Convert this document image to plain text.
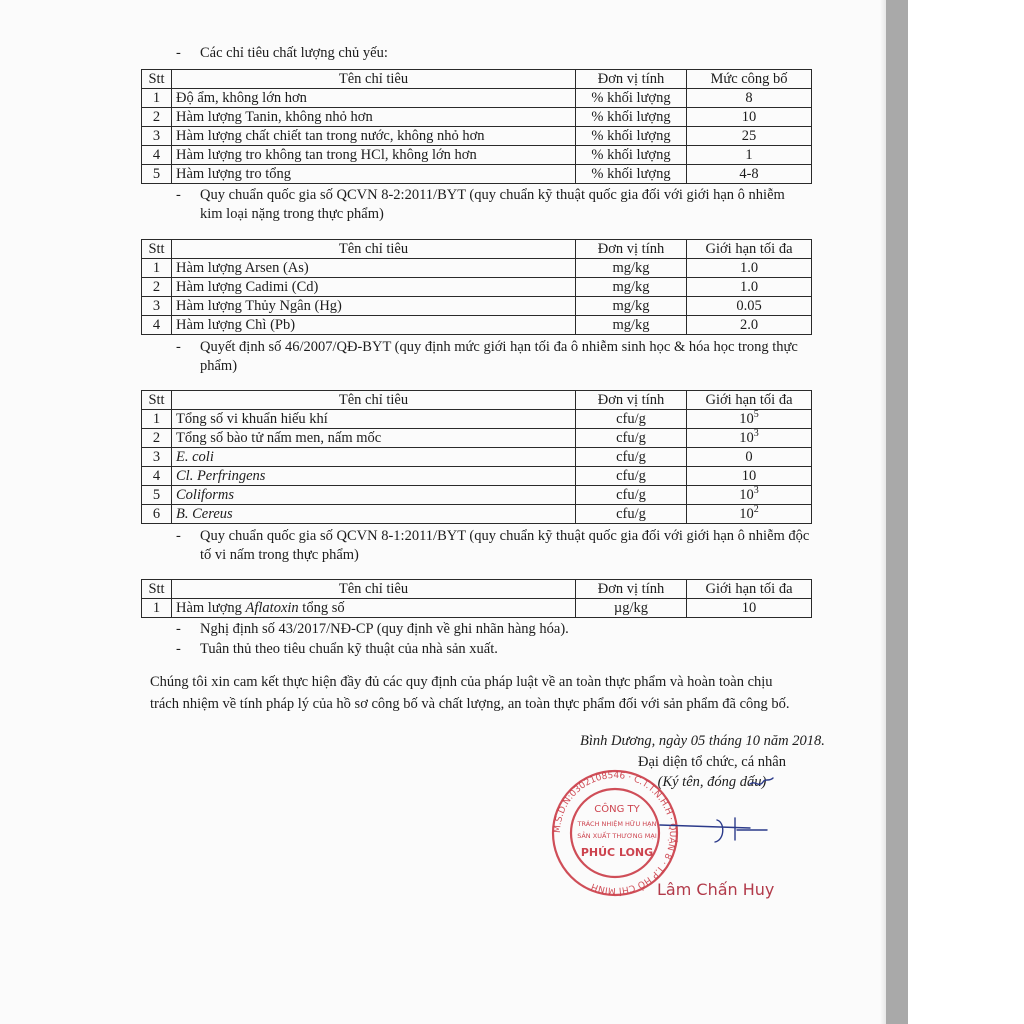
- Các chỉ tiêu chất lượng chủ yếu:
Stt	Tên chỉ tiêu	Đơn vị tính	Mức công bố
1	Độ ẩm, không lớn hơn	% khối lượng	8
2	Hàm lượng Tanin, không nhỏ hơn	% khối lượng	10
3	Hàm lượng chất chiết tan trong nước, không nhỏ hơn	% khối lượng	25
4	Hàm lượng tro không tan trong HCl, không lớn hơn	% khối lượng	1
5	Hàm lượng tro tổng	% khối lượng	4-8
- Quy chuẩn quốc gia số QCVN 8-2:2011/BYT (quy chuẩn kỹ thuật quốc gia đối với giới hạn ô nhiễm
kim loại nặng trong thực phẩm)
Stt	Tên chỉ tiêu	Đơn vị tính	Giới hạn tối đa
1	Hàm lượng Arsen (As)	mg/kg	1.0
2	Hàm lượng Cadimi (Cd)	mg/kg	1.0
3	Hàm lượng Thủy Ngân (Hg)	mg/kg	0.05
4	Hàm lượng Chì (Pb)	mg/kg	2.0
- Quyết định số 46/2007/QĐ-BYT (quy định mức giới hạn tối đa ô nhiễm sinh học & hóa học trong thực
phẩm)
Stt	Tên chỉ tiêu	Đơn vị tính	Giới hạn tối đa
1	Tổng số vi khuẩn hiếu khí	cfu/g	$10^5$
2	Tổng số bào tử nấm men, nấm mốc	cfu/g	$10^3$
3	E. coli	cfu/g	0
4	Cl. Perfringens	cfu/g	10
5	Coliforms	cfu/g	$10^3$
6	B. Cereus	cfu/g	$10^2$
- Quy chuẩn quốc gia số QCVN 8-1:2011/BYT (quy chuẩn kỹ thuật quốc gia đối với giới hạn ô nhiễm độc
tố vi nấm trong thực phẩm)
Stt	Tên chỉ tiêu	Đơn vị tính	Giới hạn tối đa
1	Hàm lượng Aflatoxin tổng số	µg/kg	10
- Nghị định số 43/2017/NĐ-CP (quy định về ghi nhãn hàng hóa).
- Tuân thủ theo tiêu chuẩn kỹ thuật của nhà sản xuất.
Chúng tôi xin cam kết thực hiện đầy đủ các quy định của pháp luật về an toàn thực phẩm và hoàn toàn chịu
trách nhiệm về tính pháp lý của hồ sơ công bố và chất lượng, an toàn thực phẩm đối với sản phẩm đã công bố.
Bình Dương, ngày 05 tháng 10 năm 2018.
Đại diện tổ chức, cá nhân
(Ký tên, đóng dấu)
M.S.D.N:0302108546 · C.T.T.N.H.H · QUẬN 8 · T.P HỒ CHÍ MINH
CÔNG TY
TRÁCH NHIỆM HỮU HẠN
SẢN XUẤT THƯƠNG MẠI
PHÚC LONG
Lâm Chấn Huy
